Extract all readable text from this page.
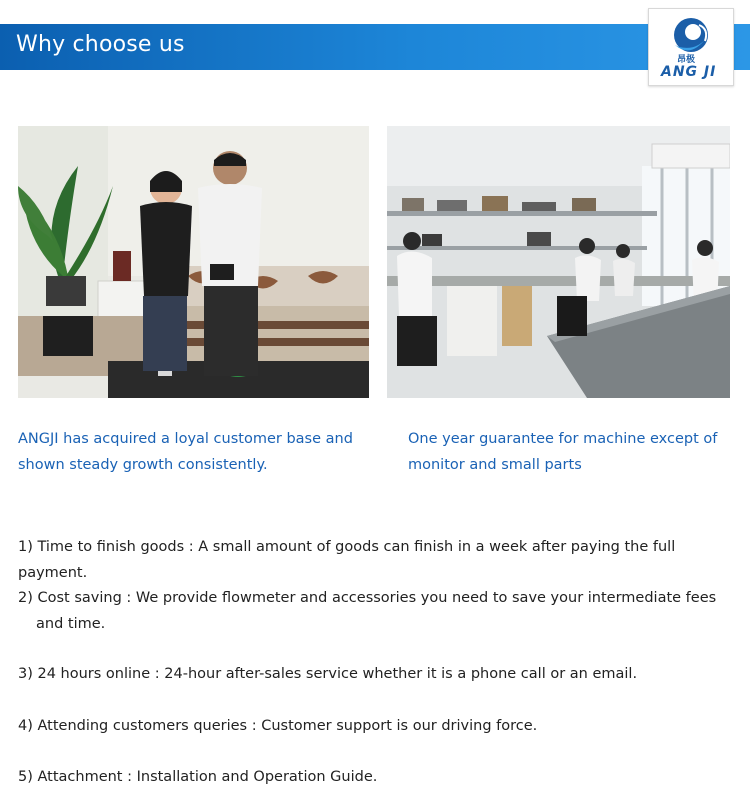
Why choose us
昂极
ANG JI
ANGJI has acquired a loyal customer base and shown steady growth consistently.
One year guarantee for machine except of monitor and small parts
1) Time to finish goods : A small amount of goods can finish in a week after paying the full payment.
2) Cost saving : We provide flowmeter and accessories you need to save your intermediate fees
and time.
3) 24 hours online : 24-hour after-sales service whether it is a phone call or an email.
4) Attending customers queries : Customer support is our driving force.
5) Attachment : Installation and Operation Guide.
